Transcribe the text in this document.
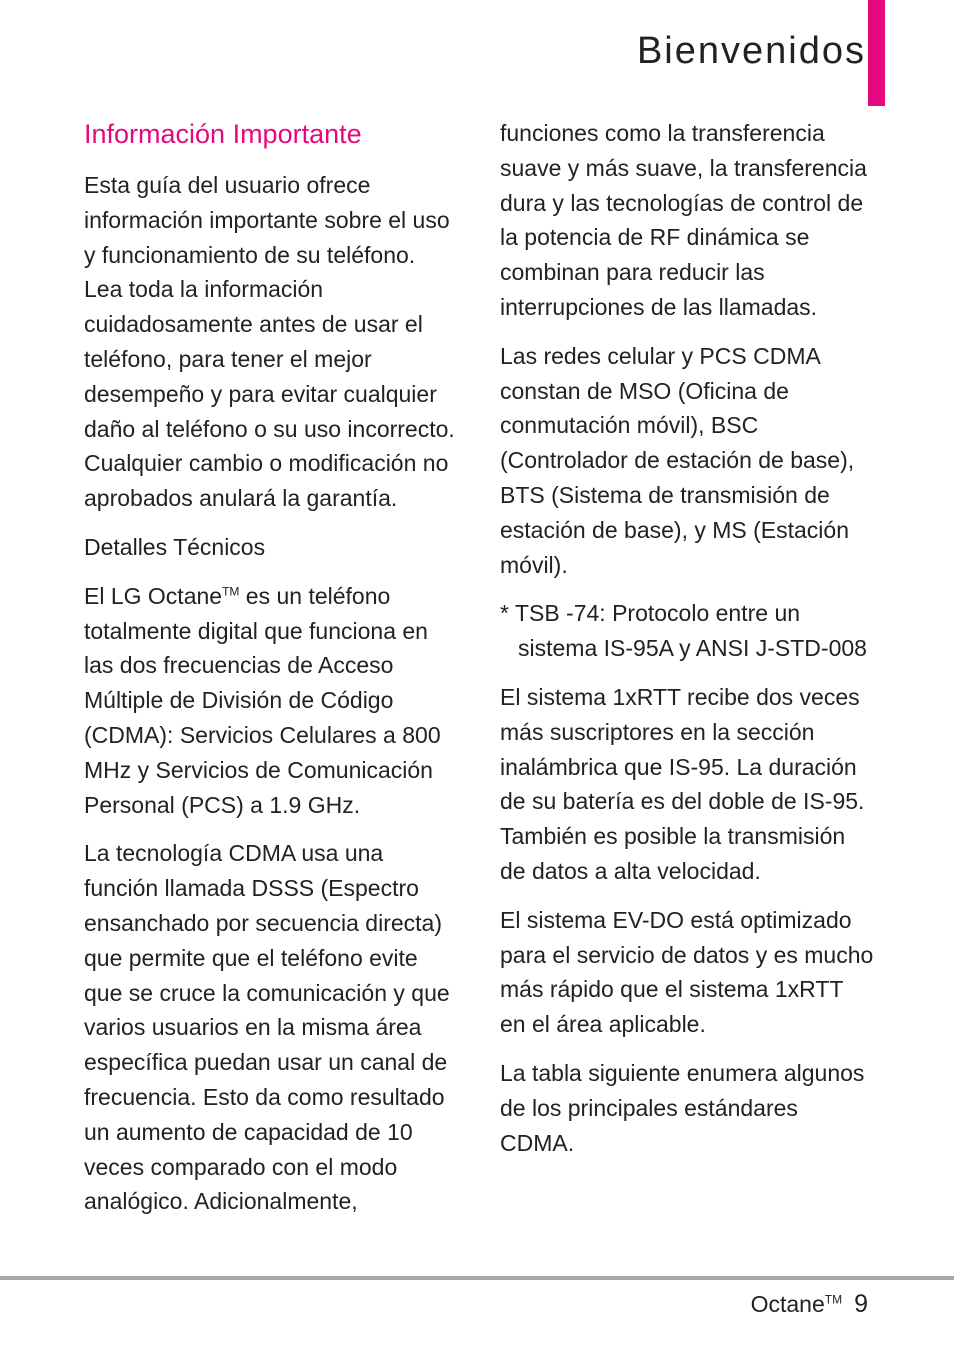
Bienvenidos
Información Importante

Esta guía del usuario ofrece información importante sobre el uso y funcionamiento de su teléfono. Lea toda la información cuidadosamente antes de usar el teléfono, para tener el mejor desempeño y para evitar cualquier daño al teléfono o su uso incorrecto. Cualquier cambio o modificación no aprobados anulará la garantía.

Detalles Técnicos

El LG Octane™ es un teléfono totalmente digital que funciona en las dos frecuencias de Acceso Múltiple de División de Código (CDMA): Servicios Celulares a 800 MHz y Servicios de Comunicación Personal (PCS) a 1.9 GHz.

La tecnología CDMA usa una función llamada DSSS (Espectro ensanchado por secuencia directa) que permite que el teléfono evite que se cruce la comunicación y que varios usuarios en la misma área específica puedan usar un canal de frecuencia. Esto da como resultado un aumento de capacidad de 10 veces comparado con el modo analógico. Adicionalmente,

funciones como la transferencia suave y más suave, la transferencia dura y las tecnologías de control de la potencia de RF dinámica se combinan para reducir las interrupciones de las llamadas.

Las redes celular y PCS CDMA constan de MSO (Oficina de conmutación móvil), BSC (Controlador de estación de base), BTS (Sistema de transmisión de estación de base), y MS (Estación móvil).

* TSB -74: Protocolo entre un sistema IS-95A y ANSI J-STD-008

El sistema 1xRTT recibe dos veces más suscriptores en la sección inalámbrica que IS-95. La duración de su batería es del doble de IS-95. También es posible la transmisión de datos a alta velocidad.

El sistema EV-DO está optimizado para el servicio de datos y es mucho más rápido que el sistema 1xRTT en el área aplicable.

La tabla siguiente enumera algunos de los principales estándares CDMA.

Octane™ 9
